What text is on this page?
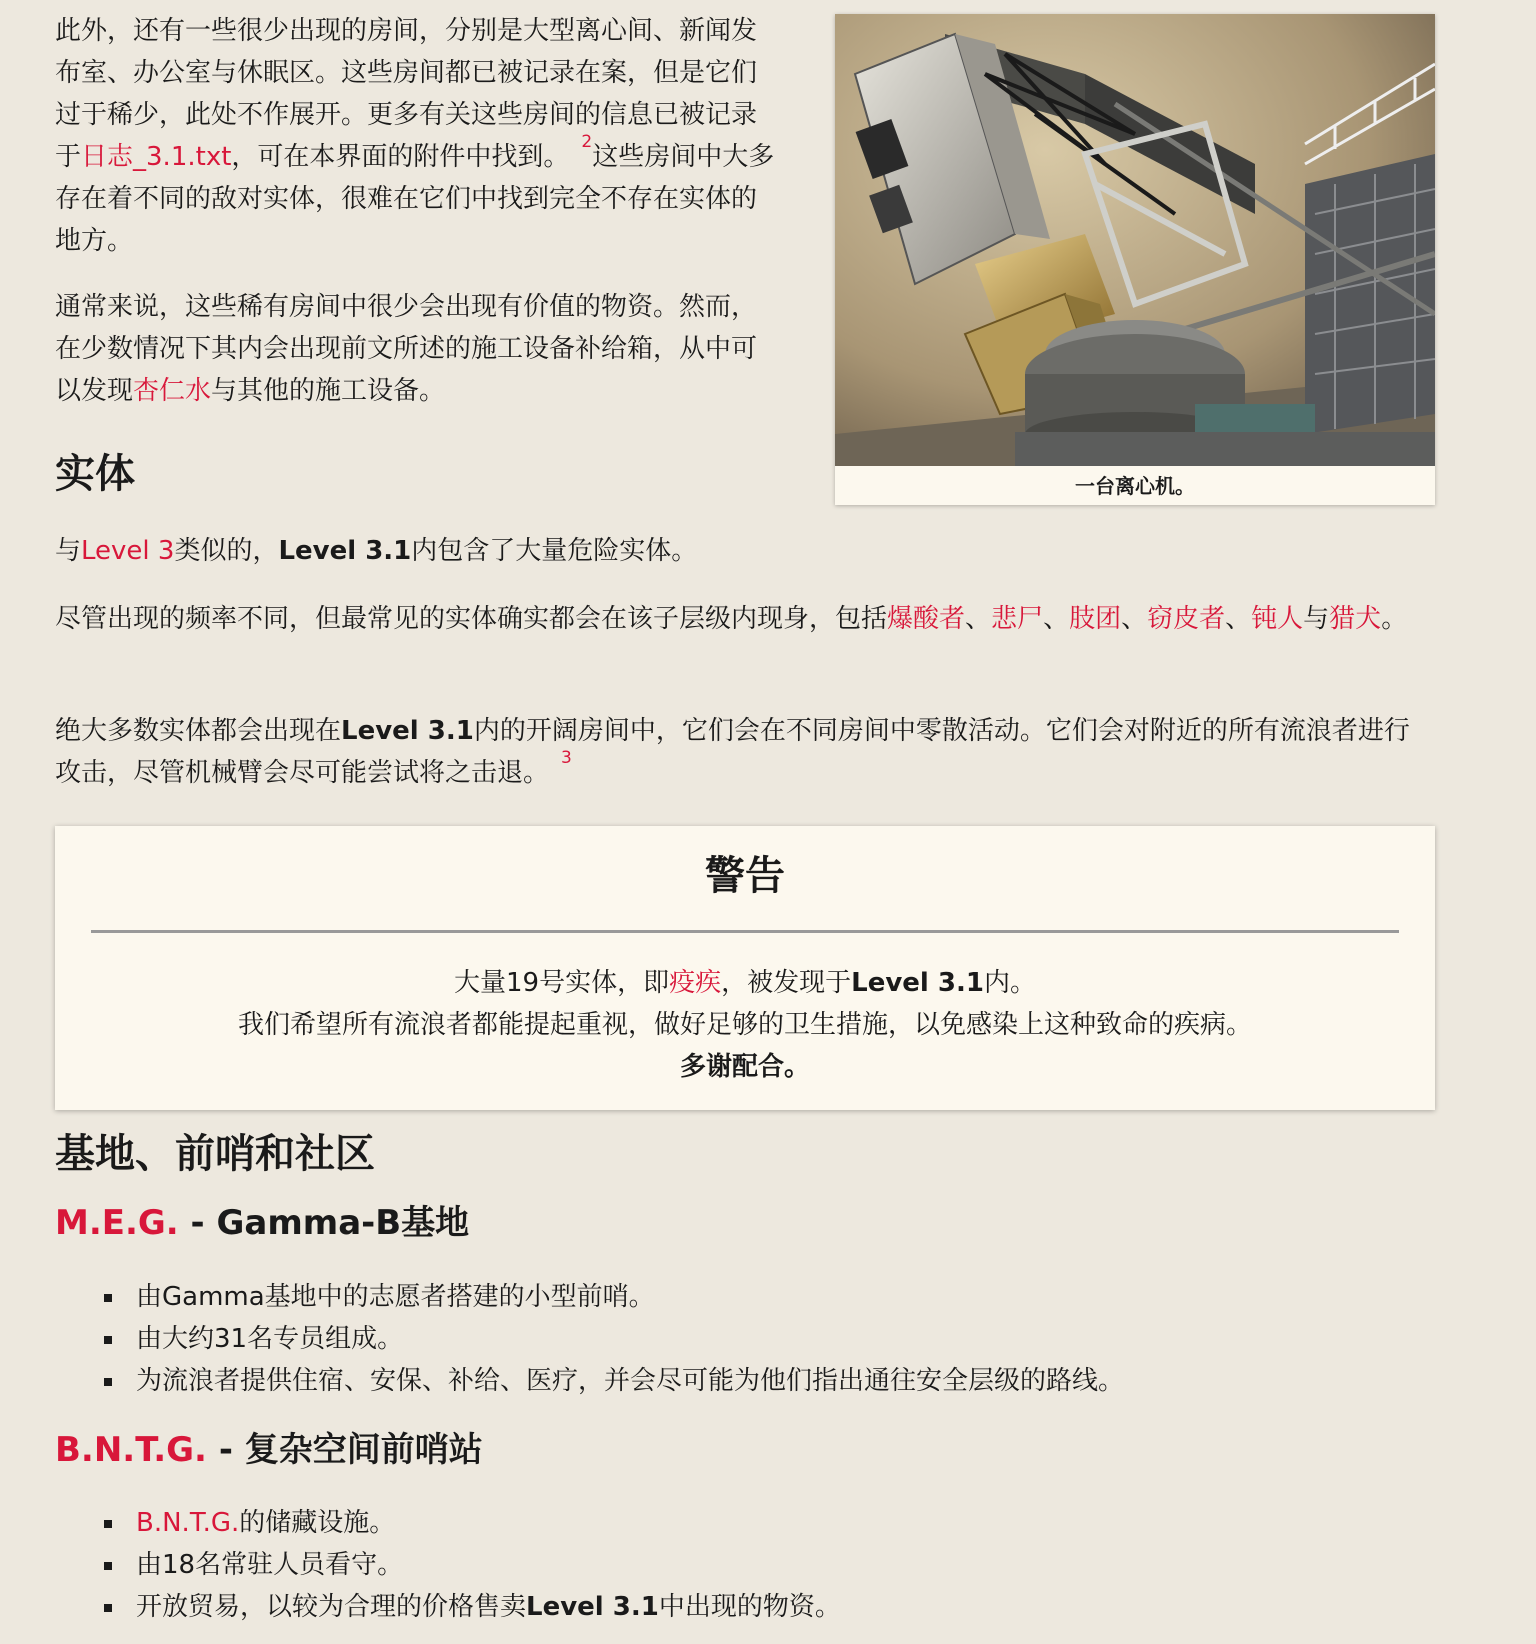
此外，还有一些很少出现的房间，分别是大型离心间、新闻发布室、办公室与休眠区。这些房间都已被记录在案，但是它们过于稀少，此处不作展开。更多有关这些房间的信息已被记录于日志_3.1.txt，可在本界面的附件中找到。 $^2$这些房间中大多存在着不同的敌对实体，很难在它们中找到完全不存在实体的地方。

通常来说，这些稀有房间中很少会出现有价值的物资。然而，在少数情况下其内会出现前文所述的施工设备补给箱，从中可以发现杏仁水与其他的施工设备。

一台离心机。
实体

与Level 3类似的，Level 3.1内包含了大量危险实体。

尽管出现的频率不同，但最常见的实体确实都会在该子层级内现身，包括爆酸者、悲尸、肢团、窃皮者、钝人与猎犬。

绝大多数实体都会出现在Level 3.1内的开阔房间中，它们会在不同房间中零散活动。它们会对附近的所有流浪者进行攻击，尽管机械臂会尽可能尝试将之击退。 $^3$

警告
大量19号实体，即疫疾，被发现于Level 3.1内。
我们希望所有流浪者都能提起重视，做好足够的卫生措施，以免感染上这种致命的疾病。
多谢配合。
基地、前哨和社区
M.E.G. - Gamma-B基地
由Gamma基地中的志愿者搭建的小型前哨。
由大约31名专员组成。
为流浪者提供住宿、安保、补给、医疗，并会尽可能为他们指出通往安全层级的路线。
B.N.T.G. - 复杂空间前哨站
B.N.T.G.的储藏设施。
由18名常驻人员看守。
开放贸易，以较为合理的价格售卖Level 3.1中出现的物资。
